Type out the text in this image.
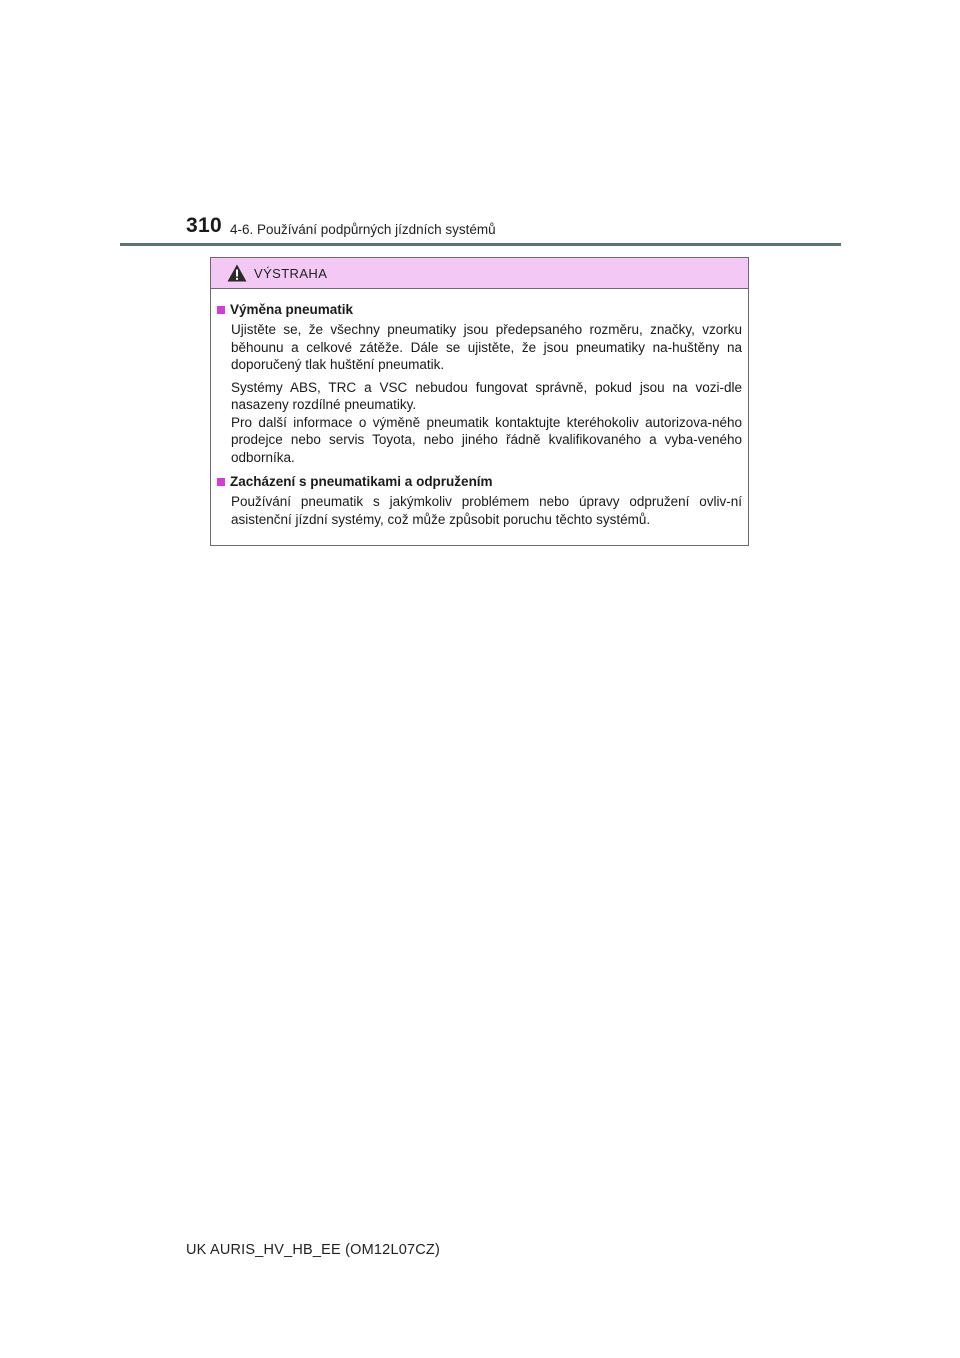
310 4-6. Používání podpůrných jízdních systémů
VÝSTRAHA
Výměna pneumatik

Ujistěte se, že všechny pneumatiky jsou předepsaného rozměru, značky, vzorku běhounu a celkové zátěže. Dále se ujistěte, že jsou pneumatiky na-huštěny na doporučený tlak huštění pneumatik.

Systémy ABS, TRC a VSC nebudou fungovat správně, pokud jsou na vozi-dle nasazeny rozdílné pneumatiky.

Pro další informace o výměně pneumatik kontaktujte kteréhokoliv autorizova-ného prodejce nebo servis Toyota, nebo jiného řádně kvalifikovaného a vyba-veného odborníka.

Zacházení s pneumatikami a odpružením

Používání pneumatik s jakýmkoliv problémem nebo úpravy odpružení ovliv-ní asistenční jízdní systémy, což může způsobit poruchu těchto systémů.

UK AURIS_HV_HB_EE (OM12L07CZ)
